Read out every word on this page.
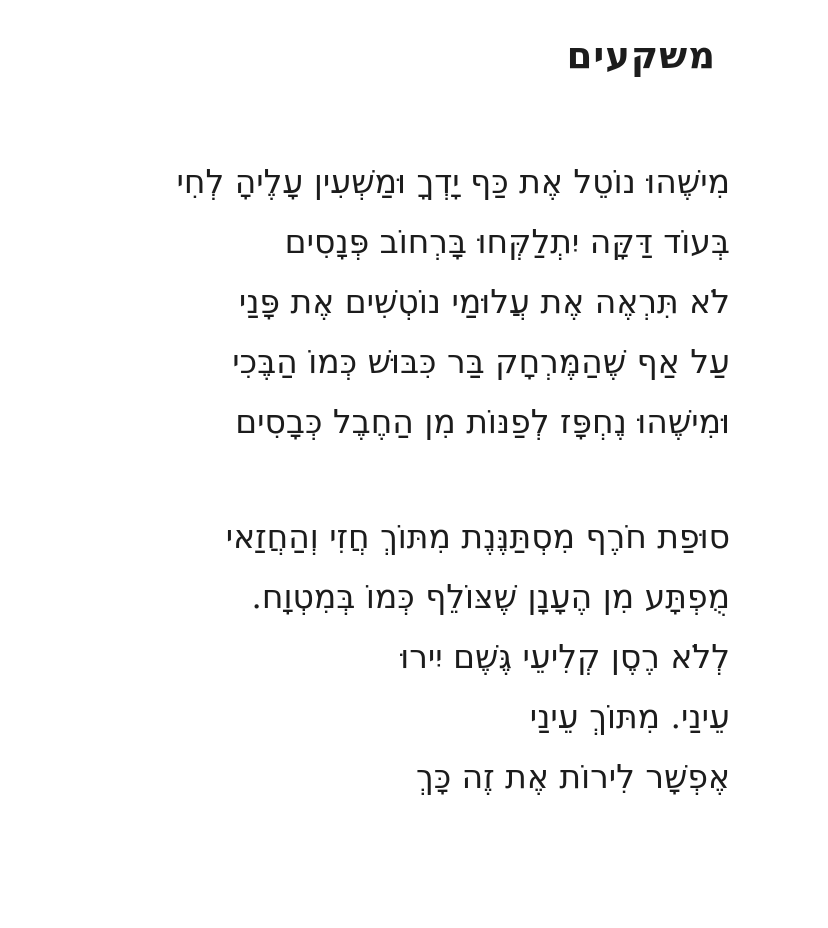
משקעים
מִישֶׁהוּ נוֹטֵל אֶת כַּף יָדְךָ וּמַשְׁעִין עָלֶיהָ לְחִי
בְּעוֹד דַּקָּה יִתְלַקְּחוּ בָּרְחוֹב פְּנָסִים
לֹא תִּרְאֶה אֶת עֲלוּמַי נוֹטְשִׁים אֶת פָּנַי
עַל אַף שֶׁהַמֶּרְחָק בַּר כִּבּוּשׁ כְּמוֹ הַבֶּכִי
וּמִישֶׁהוּ נֶחְפָּז לְפַנּוֹת מִן הַחֶבֶל כְּבָסִים
סוּפַת חֹרֶף מִסְתַּנֶּנֶת מִתּוֹךְ חֲזִי וְהַחֲזַאי
מֻפְתָּע מִן הֶעָנָן שֶׁצּוֹלֵף כְּמוֹ בְּמִטְוָח.
לְלֹא רֶסֶן קְלִיעֵי גֶּשֶׁם יִירוּ
עֵינַי. מִתּוֹךְ עֵינַי
אֶפְשָׁר לִירוֹת אֶת זֶה כָּךְ
